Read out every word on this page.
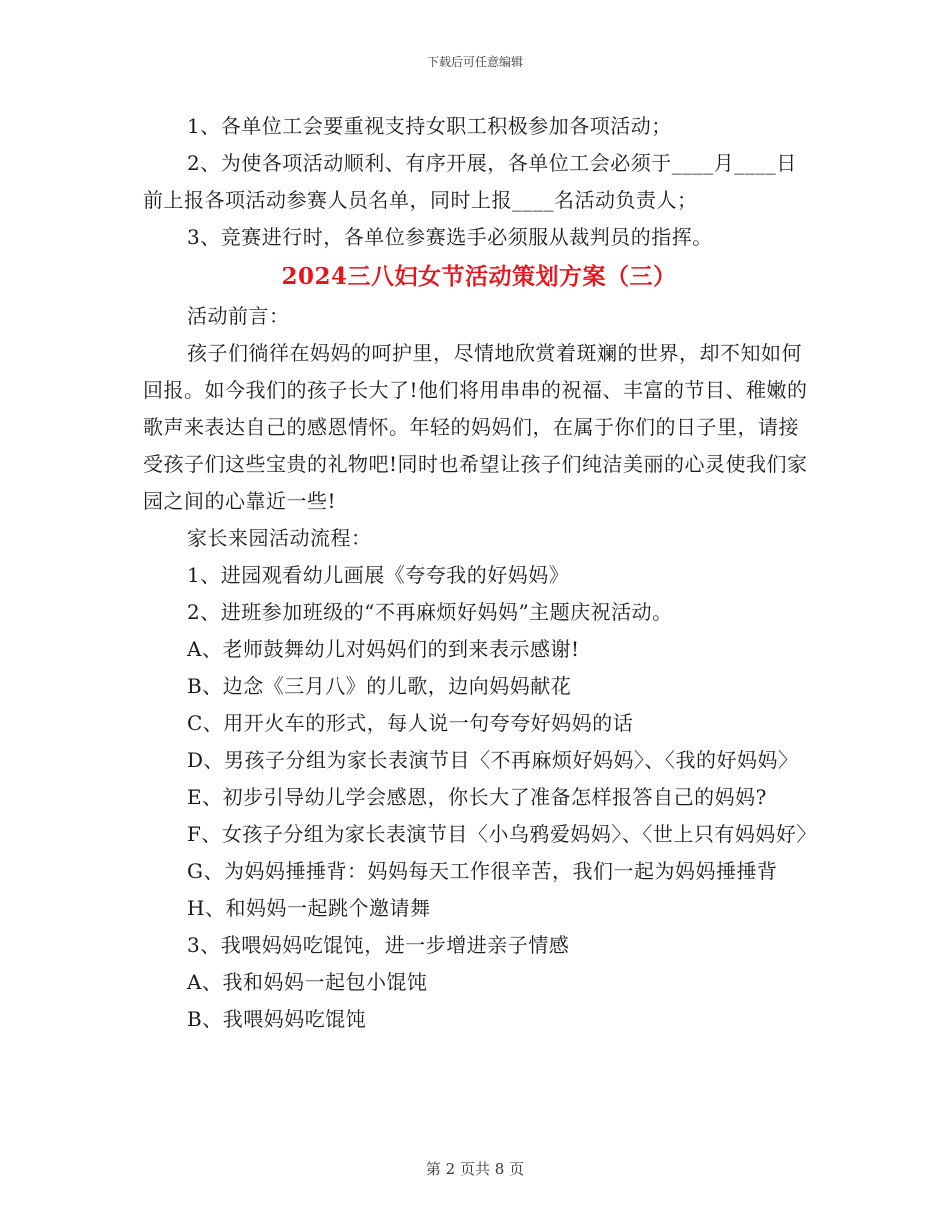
下载后可任意编辑

1、各单位工会要重视支持女职工积极参加各项活动；

2、为使各项活动顺利、有序开展，各单位工会必须于____月____日前上报各项活动参赛人员名单，同时上报____名活动负责人；

3、竞赛进行时，各单位参赛选手必须服从裁判员的指挥。

2024三八妇女节活动策划方案（三）

活动前言：

孩子们徜徉在妈妈的呵护里，尽情地欣赏着斑斓的世界，却不知如何回报。如今我们的孩子长大了!他们将用串串的祝福、丰富的节目、稚嫩的歌声来表达自己的感恩情怀。年轻的妈妈们，在属于你们的日子里，请接受孩子们这些宝贵的礼物吧!同时也希望让孩子们纯洁美丽的心灵使我们家园之间的心靠近一些!

家长来园活动流程：

1、进园观看幼儿画展《夸夸我的好妈妈》

2、进班参加班级的“不再麻烦好妈妈”主题庆祝活动。

A、老师鼓舞幼儿对妈妈们的到来表示感谢!

B、边念《三月八》的儿歌，边向妈妈献花

C、用开火车的形式，每人说一句夸夸好妈妈的话

D、男孩子分组为家长表演节目〈不再麻烦好妈妈〉、〈我的好妈妈〉

E、初步引导幼儿学会感恩，你长大了准备怎样报答自己的妈妈?

F、女孩子分组为家长表演节目〈小乌鸦爱妈妈〉、〈世上只有妈妈好〉

G、为妈妈捶捶背：妈妈每天工作很辛苦，我们一起为妈妈捶捶背

H、和妈妈一起跳个邀请舞

3、我喂妈妈吃馄饨，进一步增进亲子情感

A、我和妈妈一起包小馄饨

B、我喂妈妈吃馄饨

第 2 页共 8 页
